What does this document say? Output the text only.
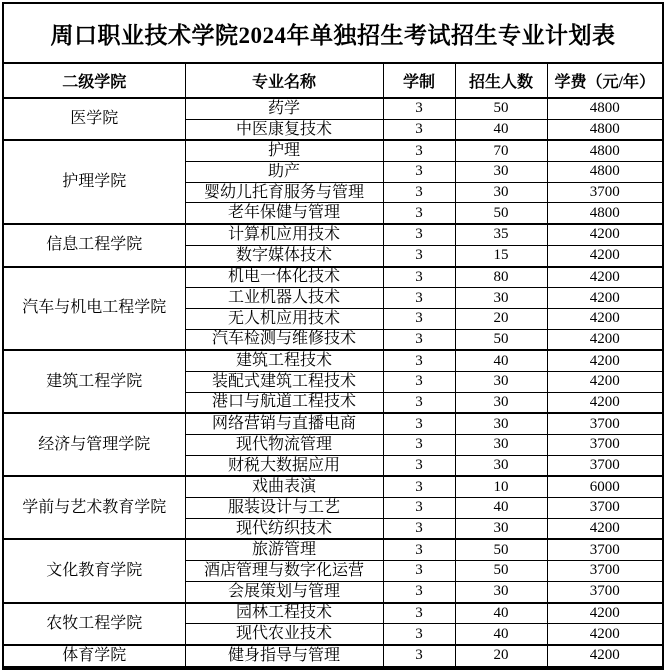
周口职业技术学院2024年单独招生考试招生专业计划表				
二级学院	专业名称	学制	招生人数	学费（元/年）
医学院	药学	3	50	4800
	中医康复技术	3	40	4800
护理学院	护理	3	70	4800
	助产	3	30	4800
	婴幼儿托育服务与管理	3	30	3700
	老年保健与管理	3	50	4800
信息工程学院	计算机应用技术	3	35	4200
	数字媒体技术	3	15	4200
汽车与机电工程学院	机电一体化技术	3	80	4200
	工业机器人技术	3	30	4200
	无人机应用技术	3	20	4200
	汽车检测与维修技术	3	50	4200
建筑工程学院	建筑工程技术	3	40	4200
	装配式建筑工程技术	3	30	4200
	港口与航道工程技术	3	30	4200
经济与管理学院	网络营销与直播电商	3	30	3700
	现代物流管理	3	30	3700
	财税大数据应用	3	30	3700
学前与艺术教育学院	戏曲表演	3	10	6000
	服装设计与工艺	3	40	3700
	现代纺织技术	3	30	4200
文化教育学院	旅游管理	3	50	3700
	酒店管理与数字化运营	3	50	3700
	会展策划与管理	3	30	3700
农牧工程学院	园林工程技术	3	40	4200
	现代农业技术	3	40	4200
体育学院	健身指导与管理	3	20	4200
